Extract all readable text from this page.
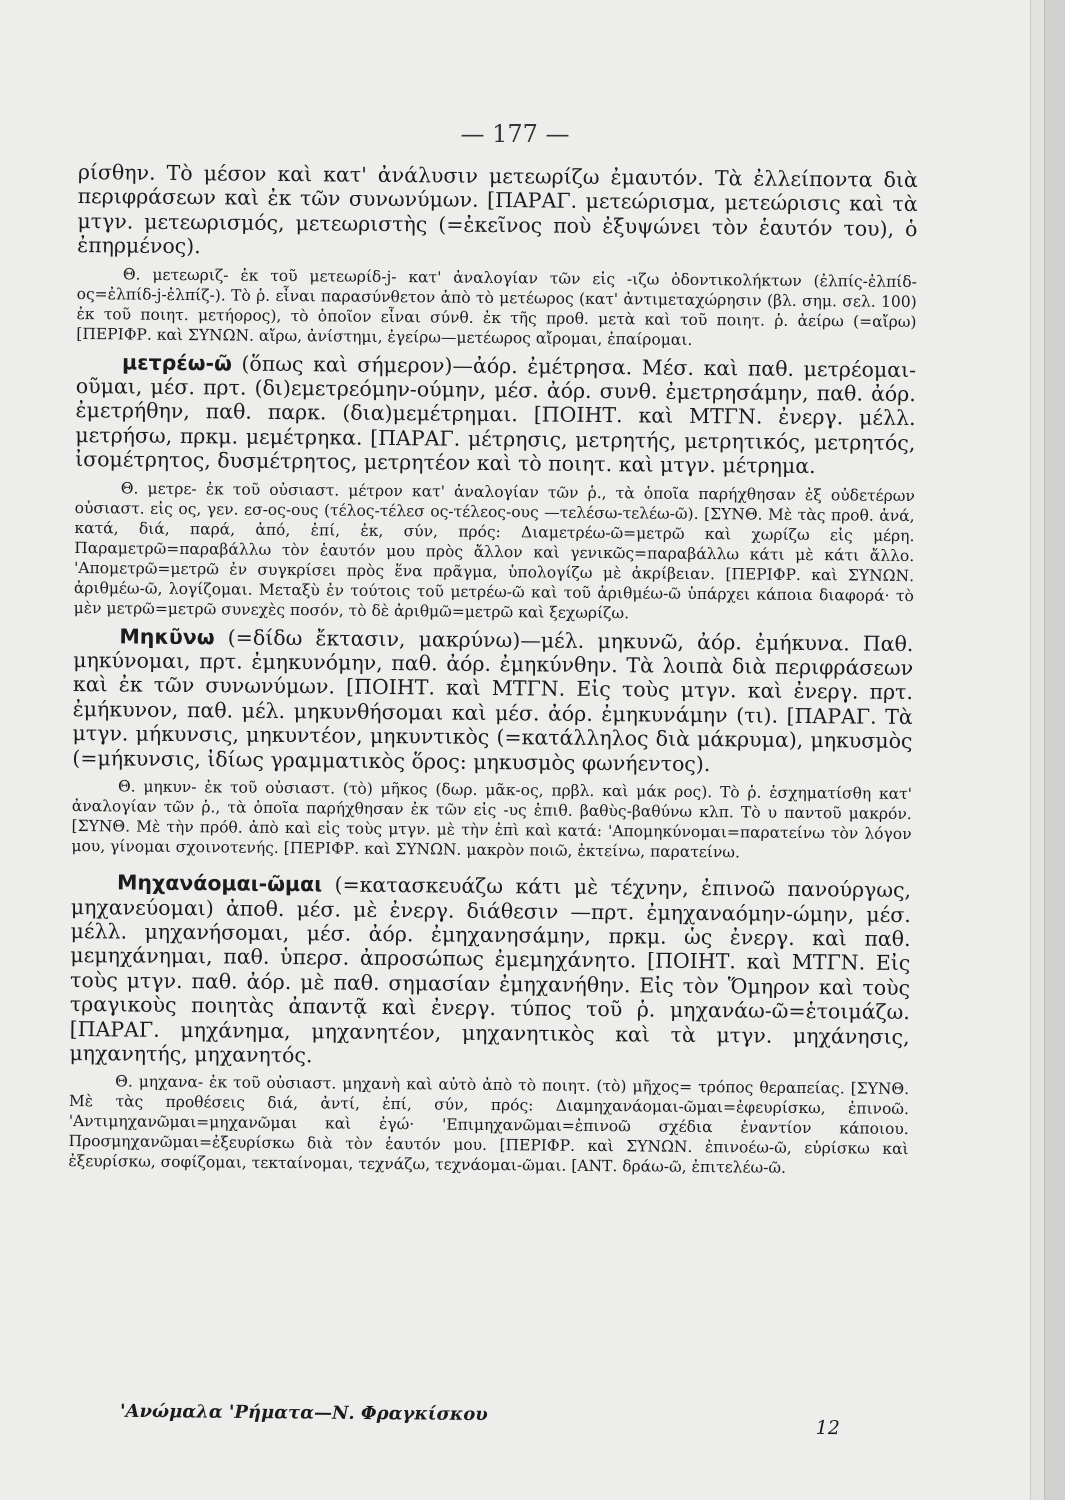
— 177 —

ρίσθην. Τὸ μέσον καὶ κατ' ἀνάλυσιν μετεωρίζω ἐμαυτόν. Τὰ ἐλλείποντα διὰ περιφράσεων καὶ ἐκ τῶν συνωνύμων. [ΠΑΡΑΓ. μετεώρισμα, μετεώρισις καὶ τὰ μτγν. μετεωρισμός, μετεωριστὴς (=ἐκεῖνος ποὺ ἐξυψώνει τὸν ἑαυτόν του), ὁ ἐπηρμένος).

Θ. μετεωριζ- ἐκ τοῦ μετεωρίδ-j- κατ' ἀναλογίαν τῶν εἰς -ιζω ὀδοντικολήκτων (ἐλπίς-ἐλπίδ-ος=ἐλπίδ-j-ἐλπίζ-). Τὸ ῥ. εἶναι παρασύνθετον ἀπὸ τὸ μετέωρος (κατ' ἀντιμεταχώρησιν (βλ. σημ. σελ. 100) ἐκ τοῦ ποιητ. μετήορος), τὸ ὁποῖον εἶναι σύνθ. ἐκ τῆς προθ. μετὰ καὶ τοῦ ποιητ. ῥ. ἀείρω (=αἴρω) [ΠΕΡΙΦΡ. καὶ ΣΥΝΩΝ. αἴρω, ἀνίστημι, ἐγείρω—μετέωρος αἴρομαι, ἐπαίρομαι.

μετρέω-ῶ (ὅπως καὶ σήμερον)—ἀόρ. ἐμέτρησα. Μέσ. καὶ παθ. μετρέομαι-οῦμαι, μέσ. πρτ. (δι)εμετρεόμην-ούμην, μέσ. ἀόρ. συνθ. ἐμετρησάμην, παθ. ἀόρ. ἐμετρήθην, παθ. παρκ. (δια)μεμέτρημαι. [ΠΟΙΗΤ. καὶ ΜΤΓΝ. ἐνεργ. μέλλ. μετρήσω, πρκμ. μεμέτρηκα. [ΠΑΡΑΓ. μέτρησις, μετρητής, μετρητικός, μετρητός, ἰσομέτρητος, δυσμέτρητος, μετρητέον καὶ τὸ ποιητ. καὶ μτγν. μέτρημα.

Θ. μετρε- ἐκ τοῦ οὐσιαστ. μέτρον κατ' ἀναλογίαν τῶν ῥ., τὰ ὁποῖα παρήχθησαν ἐξ οὐδετέρων οὐσιαστ. εἰς ος, γεν. εσ-ος-ους (τέλος-τέλεσ ος-τέλεος-ους —τελέσω-τελέω-ῶ). [ΣΥΝΘ. Μὲ τὰς προθ. ἀνά, κατά, διά, παρά, ἀπό, ἐπί, ἐκ, σύν, πρός: Διαμετρέω-ῶ=μετρῶ καὶ χωρίζω εἰς μέρη. Παραμετρῶ=παραβάλλω τὸν ἑαυτόν μου πρὸς ἄλλον καὶ γενικῶς=παραβάλλω κάτι μὲ κάτι ἄλλο. 'Απομετρῶ=μετρῶ ἐν συγκρίσει πρὸς ἕνα πρᾶγμα, ὑπολογίζω μὲ ἀκρίβειαν. [ΠΕΡΙΦΡ. καὶ ΣΥΝΩΝ. ἀριθμέω-ῶ, λογίζομαι. Μεταξὺ ἐν τούτοις τοῦ μετρέω-ῶ καὶ τοῦ ἀριθμέω-ῶ ὑπάρχει κάποια διαφορά· τὸ μὲν μετρῶ=μετρῶ συνεχὲς ποσόν, τὸ δὲ ἀριθμῶ=μετρῶ καὶ ξεχωρίζω.

Μηκῦνω (=δίδω ἔκτασιν, μακρύνω)—μέλ. μηκυνῶ, ἀόρ. ἐμήκυνα. Παθ. μηκύνομαι, πρτ. ἐμηκυνόμην, παθ. ἀόρ. ἐμηκύνθην. Τὰ λοιπὰ διὰ περιφράσεων καὶ ἐκ τῶν συνωνύμων. [ΠΟΙΗΤ. καὶ ΜΤΓΝ. Εἰς τοὺς μτγν. καὶ ἐνεργ. πρτ. ἐμήκυνον, παθ. μέλ. μηκυνθήσομαι καὶ μέσ. ἀόρ. ἐμηκυνάμην (τι). [ΠΑΡΑΓ. Τὰ μτγν. μήκυνσις, μηκυντέον, μηκυντικὸς (=κατάλληλος διὰ μάκρυμα), μηκυσμὸς (=μήκυνσις, ἰδίως γραμματικὸς ὅρος: μηκυσμὸς φωνήεντος).

Θ. μηκυν- ἐκ τοῦ οὐσιαστ. (τὸ) μῆκος (δωρ. μᾶκ-ος, πρβλ. καὶ μάκ ρος). Τὸ ῥ. ἐσχηματίσθη κατ' ἀναλογίαν τῶν ῥ., τὰ ὁποῖα παρήχθησαν ἐκ τῶν εἰς -υς ἐπιθ. βαθὺς-βαθύνω κλπ. Τὸ υ παντοῦ μακρόν. [ΣΥΝΘ. Μὲ τὴν πρόθ. ἀπὸ καὶ εἰς τοὺς μτγν. μὲ τὴν ἐπὶ καὶ κατά: 'Απομηκύνομαι=παρατείνω τὸν λόγον μου, γίνομαι σχοινοτενής. [ΠΕΡΙΦΡ. καὶ ΣΥΝΩΝ. μακρὸν ποιῶ, ἐκτείνω, παρατείνω.

Μηχανάομαι-ῶμαι (=κατασκευάζω κάτι μὲ τέχνην, ἐπινοῶ πανούργως, μηχανεύομαι) ἀποθ. μέσ. μὲ ἐνεργ. διάθεσιν —πρτ. ἐμηχαναόμην-ώμην, μέσ. μέλλ. μηχανήσομαι, μέσ. ἀόρ. ἐμηχανησάμην, πρκμ. ὡς ἐνεργ. καὶ παθ. μεμηχάνημαι, παθ. ὑπερσ. ἀπροσώπως ἐμεμηχάνητο. [ΠΟΙΗΤ. καὶ ΜΤΓΝ. Εἰς τοὺς μτγν. παθ. ἀόρ. μὲ παθ. σημασίαν ἐμηχανήθην. Εἰς τὸν Ὅμηρον καὶ τοὺς τραγικοὺς ποιητὰς ἀπαντᾷ καὶ ἐνεργ. τύπος τοῦ ῥ. μηχανάω-ῶ=ἑτοιμάζω. [ΠΑΡΑΓ. μηχάνημα, μηχανητέον, μηχανητικὸς καὶ τὰ μτγν. μηχάνησις, μηχανητής, μηχανητός.

Θ. μηχανα- ἐκ τοῦ οὐσιαστ. μηχανὴ καὶ αὐτὸ ἀπὸ τὸ ποιητ. (τὸ) μῆχος= τρόπος θεραπείας. [ΣΥΝΘ. Μὲ τὰς προθέσεις διά, ἀντί, ἐπί, σύν, πρός: Διαμηχανάομαι-ῶμαι=ἐφευρίσκω, ἐπινοῶ. 'Αντιμηχανῶμαι=μηχανῶμαι καὶ ἐγώ· 'Επιμηχανῶμαι=ἐπινοῶ σχέδια ἐναντίον κάποιου. Προσμηχανῶμαι=ἐξευρίσκω διὰ τὸν ἑαυτόν μου. [ΠΕΡΙΦΡ. καὶ ΣΥΝΩΝ. ἐπινοέω-ῶ, εὑρίσκω καὶ ἐξευρίσκω, σοφίζομαι, τεκταίνομαι, τεχνάζω, τεχνάομαι-ῶμαι. [ΑΝΤ. δράω-ῶ, ἐπιτελέω-ῶ.

'Ανώμαλα 'Ρήματα—Ν. Φραγκίσκου
12
